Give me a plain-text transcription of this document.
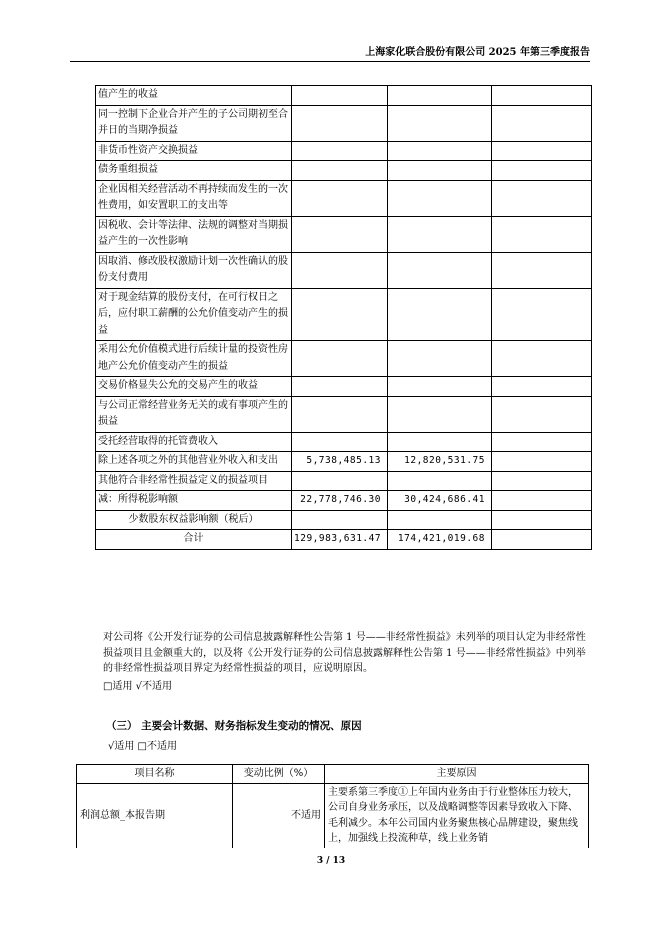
上海家化联合股份有限公司 2025 年第三季度报告
值产生的收益			
同一控制下企业合并产生的子公司期初至合并日的当期净损益			
非货币性资产交换损益			
债务重组损益			
企业因相关经营活动不再持续而发生的一次性费用，如安置职工的支出等			
因税收、会计等法律、法规的调整对当期损益产生的一次性影响			
因取消、修改股权激励计划一次性确认的股份支付费用			
对于现金结算的股份支付，在可行权日之后，应付职工薪酬的公允价值变动产生的损益			
采用公允价值模式进行后续计量的投资性房地产公允价值变动产生的损益			
交易价格显失公允的交易产生的收益			
与公司正常经营业务无关的或有事项产生的损益			
受托经营取得的托管费收入			
除上述各项之外的其他营业外收入和支出	5,738,485.13	12,820,531.75	
其他符合非经常性损益定义的损益项目			
减：所得税影响额	22,778,746.30	30,424,686.41	
少数股东权益影响额（税后）			
合计	129,983,631.47	174,421,019.68	
对公司将《公开发行证券的公司信息披露解释性公告第 1 号——非经常性损益》未列举的项目认定为非经常性损益项目且金额重大的，以及将《公开发行证券的公司信息披露解释性公告第 1 号——非经常性损益》中列举的非经常性损益项目界定为经常性损益的项目，应说明原因。
□适用 √不适用
（三） 主要会计数据、财务指标发生变动的情况、原因
√适用 □不适用
项目名称	变动比例（%）	主要原因
利润总额_本报告期	不适用	主要系第三季度①上年国内业务由于行业整体压力较大，公司自身业务承压，以及战略调整等因素导致收入下降、毛利减少。本年公司国内业务聚焦核心品牌建设，聚焦线上，加强线上投流种草，线上业务销
3 / 13
